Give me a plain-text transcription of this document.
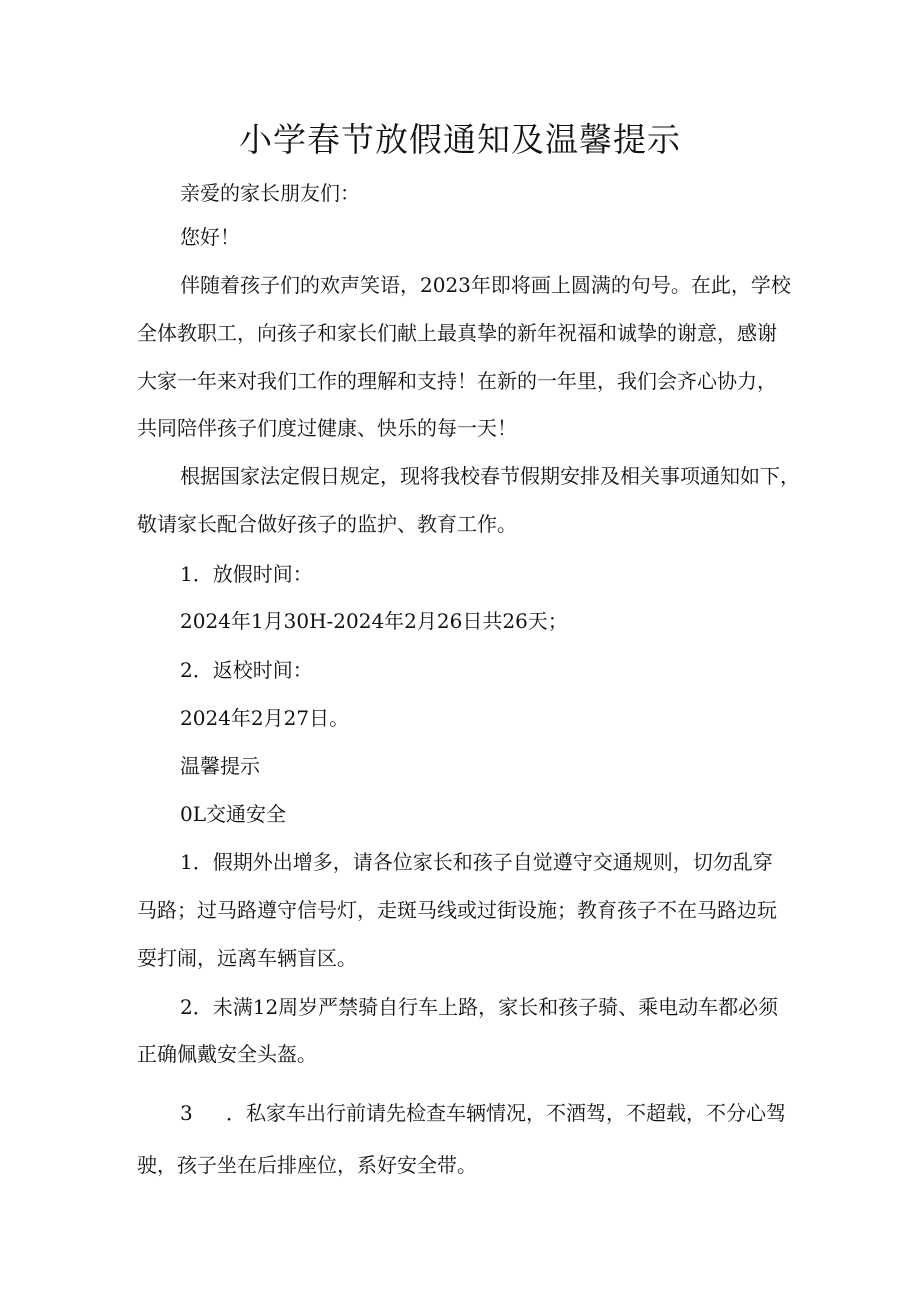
小学春节放假通知及温馨提示
亲爱的家长朋友们：
您好！
伴随着孩子们的欢声笑语，2023年即将画上圆满的句号。在此，学校
全体教职工，向孩子和家长们献上最真挚的新年祝福和诚挚的谢意，感谢
大家一年来对我们工作的理解和支持！在新的一年里，我们会齐心协力，
共同陪伴孩子们度过健康、快乐的每一天！
根据国家法定假日规定，现将我校春节假期安排及相关事项通知如下，
敬请家长配合做好孩子的监护、教育工作。
1．放假时间：
2024年1月30H-2024年2月26日共26天；
2．返校时间：
2024年2月27日。
温馨提示
0L交通安全
1．假期外出增多，请各位家长和孩子自觉遵守交通规则，切勿乱穿
马路；过马路遵守信号灯，走斑马线或过街设施；教育孩子不在马路边玩
耍打闹，远离车辆盲区。
2．未满12周岁严禁骑自行车上路，家长和孩子骑、乘电动车都必须
正确佩戴安全头盔。
3 ．私家车出行前请先检查车辆情况，不酒驾，不超载，不分心驾
驶，孩子坐在后排座位，系好安全带。
